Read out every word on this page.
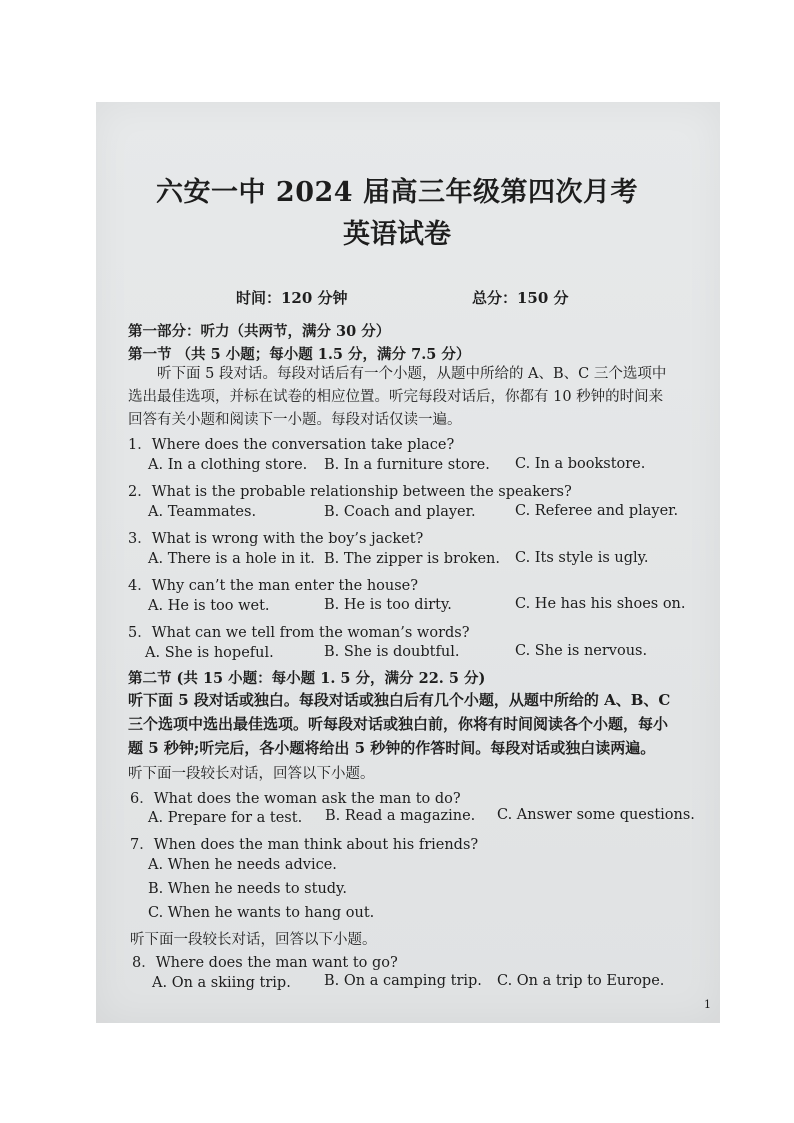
六安一中 2024 届高三年级第四次月考
英语试卷
时间：120 分钟	总分：150 分
第一部分：听力（共两节，满分 30 分）
第一节 （共 5 小题；每小题 1.5 分，满分 7.5 分）
听下面 5 段对话。每段对话后有一个小题，从题中所给的 A、B、C 三个选项中选出最佳选项，并标在试卷的相应位置。听完每段对话后，你都有 10 秒钟的时间来回答有关小题和阅读下一小题。每段对话仅读一遍。
1．Where does the conversation take place?
A. In a clothing store. B. In a furniture store. C. In a bookstore.
2．What is the probable relationship between the speakers?
A. Teammates.	B. Coach and player.	C. Referee and player.
3．What is wrong with the boy’s jacket?
A. There is a hole in it. B. The zipper is broken. C. Its style is ugly.
4．Why can’t the man enter the house?
A. He is too wet.	B. He is too dirty.	C. He has his shoes on.
5．What can we tell from the woman’s words?
A. She is hopeful.	B. She is doubtful.	C. She is nervous.
第二节 (共 15 小题：每小题 1. 5 分，满分 22. 5 分)
听下面 5 段对话或独白。每段对话或独白后有几个小题，从题中所给的 A、B、C 三个选项中选出最佳选项。听每段对话或独白前，你将有时间阅读各个小题，每小题 5 秒钟;听完后，各小题将给出 5 秒钟的作答时间。每段对话或独白读两遍。
听下面一段较长对话，回答以下小题。
6．What does the woman ask the man to do?
A. Prepare for a test. B. Read a magazine. C. Answer some questions.
7．When does the man think about his friends?
A. When he needs advice.
B. When he needs to study.
C. When he wants to hang out.
听下面一段较长对话，回答以下小题。
8．Where does the man want to go?
A. On a skiing trip. B. On a camping trip. C. On a trip to Europe.
1
